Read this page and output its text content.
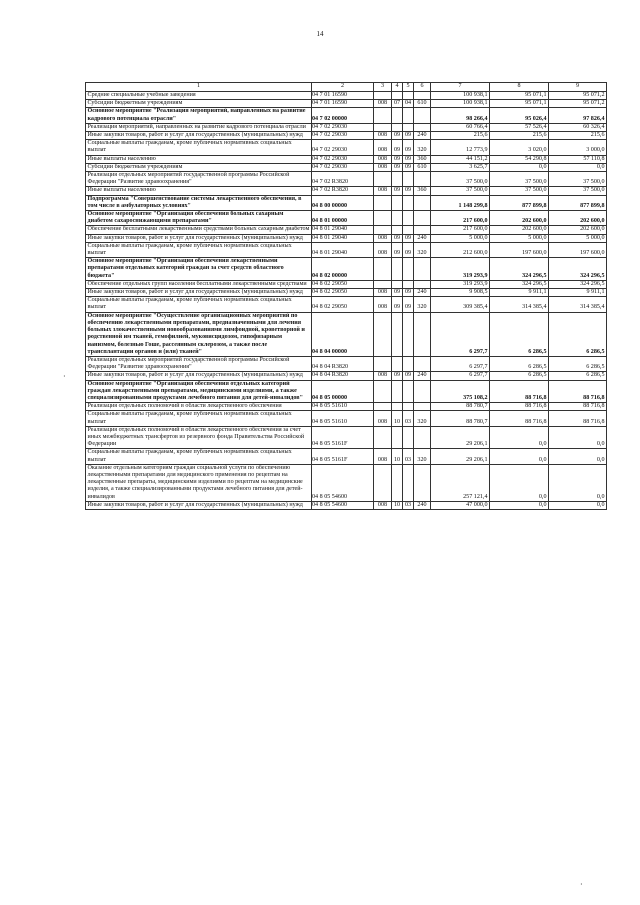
14
1	2	3	4	5	6	7	8	9
Средние специальные учебные заведения	04 7 01 16590					100 938,1	95 071,1	95 071,2
Субсидии бюджетным учреждениям	04 7 01 16590	008	07	04	610	100 938,1	95 071,1	95 071,2
Основное мероприятие "Реализация мероприятий, направленных на развитие кадрового потенциала отрасли"	04 7 02 00000					98 266,4	95 026,4	97 826,4
Реализация мероприятий, направленных на развитие кадрового потенциала отрасли	04 7 02 29030					60 766,4	57 526,4	60 326,4
Иные закупки товаров, работ и услуг для государственных (муниципальных) нужд	04 7 02 29030	008	09	09	240	215,6	215,6	215,6
Социальные выплаты гражданам, кроме публичных нормативных социальных выплат	04 7 02 29030	008	09	09	320	12 773,9	3 020,0	3 000,0
Иные выплаты населению	04 7 02 29030	008	09	09	360	44 151,2	54 290,8	57 110,8
Субсидии бюджетным учреждениям	04 7 02 29030	008	09	09	610	3 625,7	0,0	0,0
Реализация отдельных мероприятий государственной программы Российской Федерации "Развитие здравоохранения"	04 7 02 R3820					37 500,0	37 500,0	37 500,0
Иные выплаты населению	04 7 02 R3820	008	09	09	360	37 500,0	37 500,0	37 500,0
Подпрограмма "Совершенствование системы лекарственного обеспечения, в том числе в амбулаторных условиях"	04 8 00 00000					1 148 299,8	877 899,8	877 899,8
Основное мероприятие "Организация обеспечения больных сахарным диабетом сахароснижающими препаратами"	04 8 01 00000					217 600,0	202 600,0	202 600,0
Обеспечение бесплатными лекарственными средствами больных сахарным диабетом	04 8 01 29040					217 600,0	202 600,0	202 600,0
Иные закупки товаров, работ и услуг для государственных (муниципальных) нужд	04 8 01 29040	008	09	09	240	5 000,0	5 000,0	5 000,0
Социальные выплаты гражданам, кроме публичных нормативных социальных выплат	04 8 01 29040	008	09	09	320	212 600,0	197 600,0	197 600,0
Основное мероприятие "Организация обеспечения лекарственными препаратами отдельных категорий граждан за счет средств областного бюджета"	04 8 02 00000					319 293,9	324 296,5	324 296,5
Обеспечение отдельных групп населения бесплатными лекарственными средствами	04 8 02 29050					319 293,9	324 296,5	324 296,5
Иные закупки товаров, работ и услуг для государственных (муниципальных) нужд	04 8 02 29050	008	09	09	240	9 908,5	9 911,1	9 911,1
Социальные выплаты гражданам, кроме публичных нормативных социальных выплат	04 8 02 29050	008	09	09	320	309 385,4	314 385,4	314 385,4
Основное мероприятие "Осуществление организационных мероприятий по обеспечению лекарственными препаратами, предназначенными для лечения больных злокачественными новообразованиями лимфоидной, кроветворной и родственной им тканей, гемофилией, муковисцидозом, гипофизарным нанизмом, болезнью Гоше, рассеянным склерозом, а также после трансплантации органов и (или) тканей"	04 8 04 00000					6 297,7	6 286,5	6 286,5
Реализация отдельных мероприятий государственной программы Российской Федерации "Развитие здравоохранения"	04 8 04 R3820					6 297,7	6 286,5	6 286,5
Иные закупки товаров, работ и услуг для государственных (муниципальных) нужд	04 8 04 R3820	008	09	09	240	6 297,7	6 286,5	6 286,5
Основное мероприятие "Организация обеспечения отдельных категорий граждан лекарственными препаратами, медицинскими изделиями, а также специализированными продуктами лечебного питания для детей-инвалидов"	04 8 05 00000					375 108,2	88 716,8	88 716,8
Реализация отдельных полномочий в области лекарственного обеспечения	04 8 05 51610					88 780,7	88 716,8	88 716,8
Социальные выплаты гражданам, кроме публичных нормативных социальных выплат	04 8 05 51610	008	10	03	320	88 780,7	88 716,8	88 716,8
Реализация отдельных полномочий в области лекарственного обеспечения за счет иных межбюджетных трансфертов из резервного фонда Правительства Российской Федерации	04 8 05 5161F					29 206,1	0,0	0,0
Социальные выплаты гражданам, кроме публичных нормативных социальных выплат	04 8 05 5161F	008	10	03	320	29 206,1	0,0	0,0
Оказание отдельным категориям граждан социальной услуги по обеспечению лекарственными препаратами для медицинского применения по рецептам на лекарственные препараты, медицинскими изделиями по рецептам на медицинские изделия, а также специализированными продуктами лечебного питания для детей-инвалидов	04 8 05 54600					257 121,4	0,0	0,0
Иные закупки товаров, работ и услуг для государственных (муниципальных) нужд	04 8 05 54600	008	10	03	240	47 000,0	0,0	0,0
·
·
